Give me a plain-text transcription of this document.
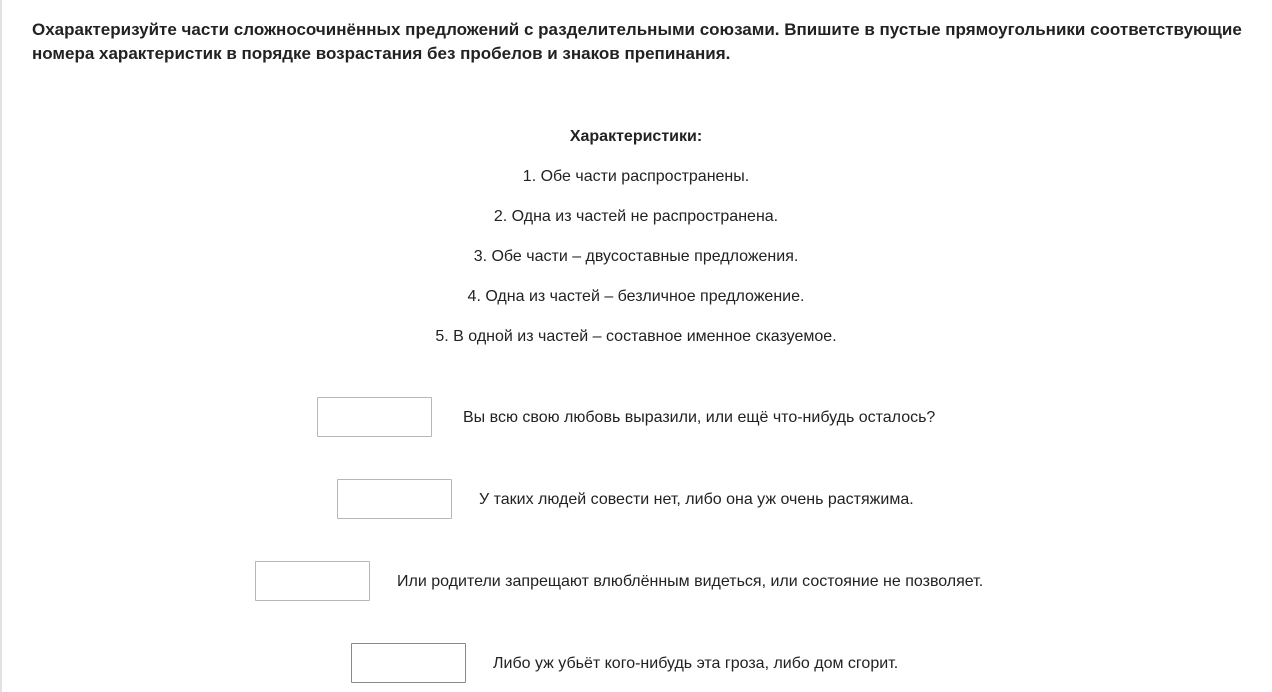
Охарактеризуйте части сложносочинённых предложений с разделительными союзами. Впишите в пустые прямоугольники соответствующие номера характеристик в порядке возрастания без пробелов и знаков препинания.
Характеристики:
1. Обе части распространены.
2. Одна из частей не распространена.
3. Обе части – двусоставные предложения.
4. Одна из частей – безличное предложение.
5. В одной из частей – составное именное сказуемое.
Вы всю свою любовь выразили, или ещё что-нибудь осталось?
У таких людей совести нет, либо она уж очень растяжима.
Или родители запрещают влюблённым видеться, или состояние не позволяет.
Либо уж убьёт кого-нибудь эта гроза, либо дом сгорит.
